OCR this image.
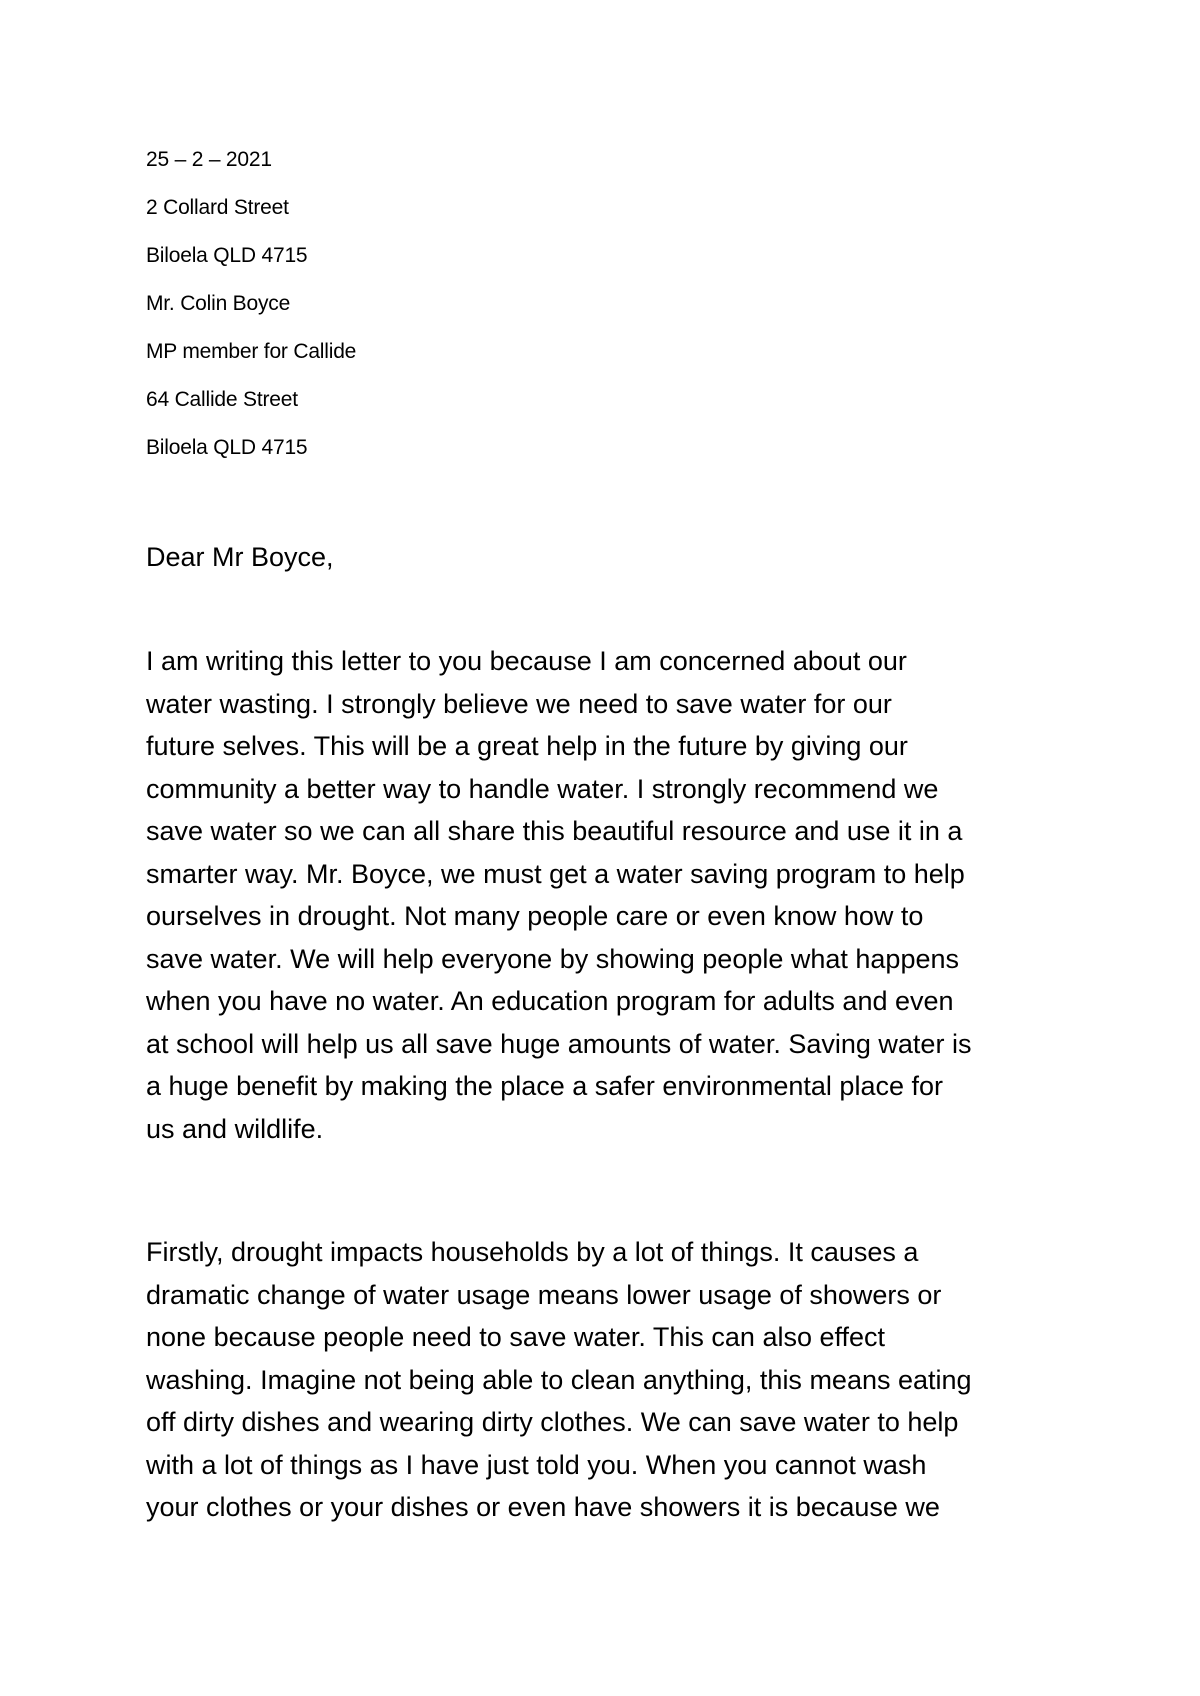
25 – 2 – 2021
2 Collard Street
Biloela QLD 4715
Mr. Colin Boyce
MP member for Callide
64 Callide Street
Biloela QLD 4715
Dear Mr Boyce,
I am writing this letter to you because I am concerned about our
water wasting. I strongly believe we need to save water for our
future selves. This will be a great help in the future by giving our
community a better way to handle water. I strongly recommend we
save water so we can all share this beautiful resource and use it in a
smarter way. Mr. Boyce, we must get a water saving program to help
ourselves in drought. Not many people care or even know how to
save water. We will help everyone by showing people what happens
when you have no water. An education program for adults and even
at school will help us all save huge amounts of water. Saving water is
a huge benefit by making the place a safer environmental place for
us and wildlife.
Firstly, drought impacts households by a lot of things. It causes a
dramatic change of water usage means lower usage of showers or
none because people need to save water. This can also effect
washing. Imagine not being able to clean anything, this means eating
off dirty dishes and wearing dirty clothes. We can save water to help
with a lot of things as I have just told you. When you cannot wash
your clothes or your dishes or even have showers it is because we
